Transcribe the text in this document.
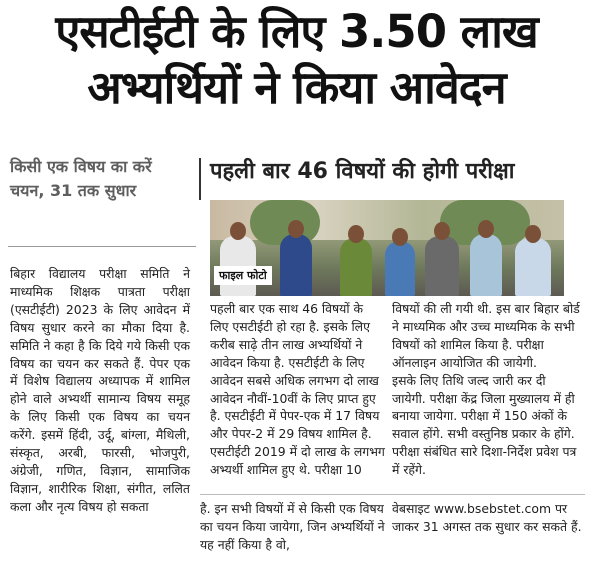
एसटीईटी के लिए 3.50 लाख
अभ्यर्थियों ने किया आवेदन
किसी एक विषय का करें चयन, 31 तक सुधार
पहली बार 46 विषयों की होगी परीक्षा
फाइल फोटो

बिहार विद्यालय परीक्षा समिति ने माध्यमिक शिक्षक पात्रता परीक्षा (एसटीईटी) 2023 के लिए आवेदन में विषय सुधार करने का मौका दिया है. समिति ने कहा है कि दिये गये किसी एक विषय का चयन कर सकते हैं. पेपर एक में विशेष विद्यालय अध्यापक में शामिल होने वाले अभ्यर्थी सामान्य विषय समूह के लिए किसी एक विषय का चयन करेंगे. इसमें हिंदी, उर्दू, बांग्ला, मैथिली, संस्कृत, अरबी, फारसी, भोजपुरी, अंग्रेजी, गणित, विज्ञान, सामाजिक विज्ञान, शारीरिक शिक्षा, संगीत, ललित कला और नृत्य विषय हो सकता

पहली बार एक साथ 46 विषयों के लिए एसटीईटी हो रहा है. इसके लिए करीब साढ़े तीन लाख अभ्यर्थियों ने आवेदन किया है. एसटीईटी के लिए आवेदन सबसे अधिक लगभग दो लाख आवेदन नौवीं-10वीं के लिए प्राप्त हुए है. एसटीईटी में पेपर-एक में 17 विषय और पेपर-2 में 29 विषय शामिल है. एसटीईटी 2019 में दो लाख के लगभग अभ्यर्थी शामिल हुए थे. परीक्षा 10

विषयों की ली गयी थी. इस बार बिहार बोर्ड ने माध्यमिक और उच्च माध्यमिक के सभी विषयों को शामिल किया है. परीक्षा ऑनलाइन आयोजित की जायेगी.

इसके लिए तिथि जल्द जारी कर दी जायेगी. परीक्षा केंद्र जिला मुख्यालय में ही बनाया जायेगा. परीक्षा में 150 अंकों के सवाल होंगे. सभी वस्तुनिष्ठ प्रकार के होंगे. परीक्षा संबंधित सारे दिशा-निर्देश प्रवेश पत्र में रहेंगे.

है. इन सभी विषयों में से किसी एक विषय का चयन किया जायेगा, जिन अभ्यर्थियों ने यह नहीं किया है वो,

वेबसाइट www.bsebstet.com पर जाकर 31 अगस्त तक सुधार कर सकते हैं.
